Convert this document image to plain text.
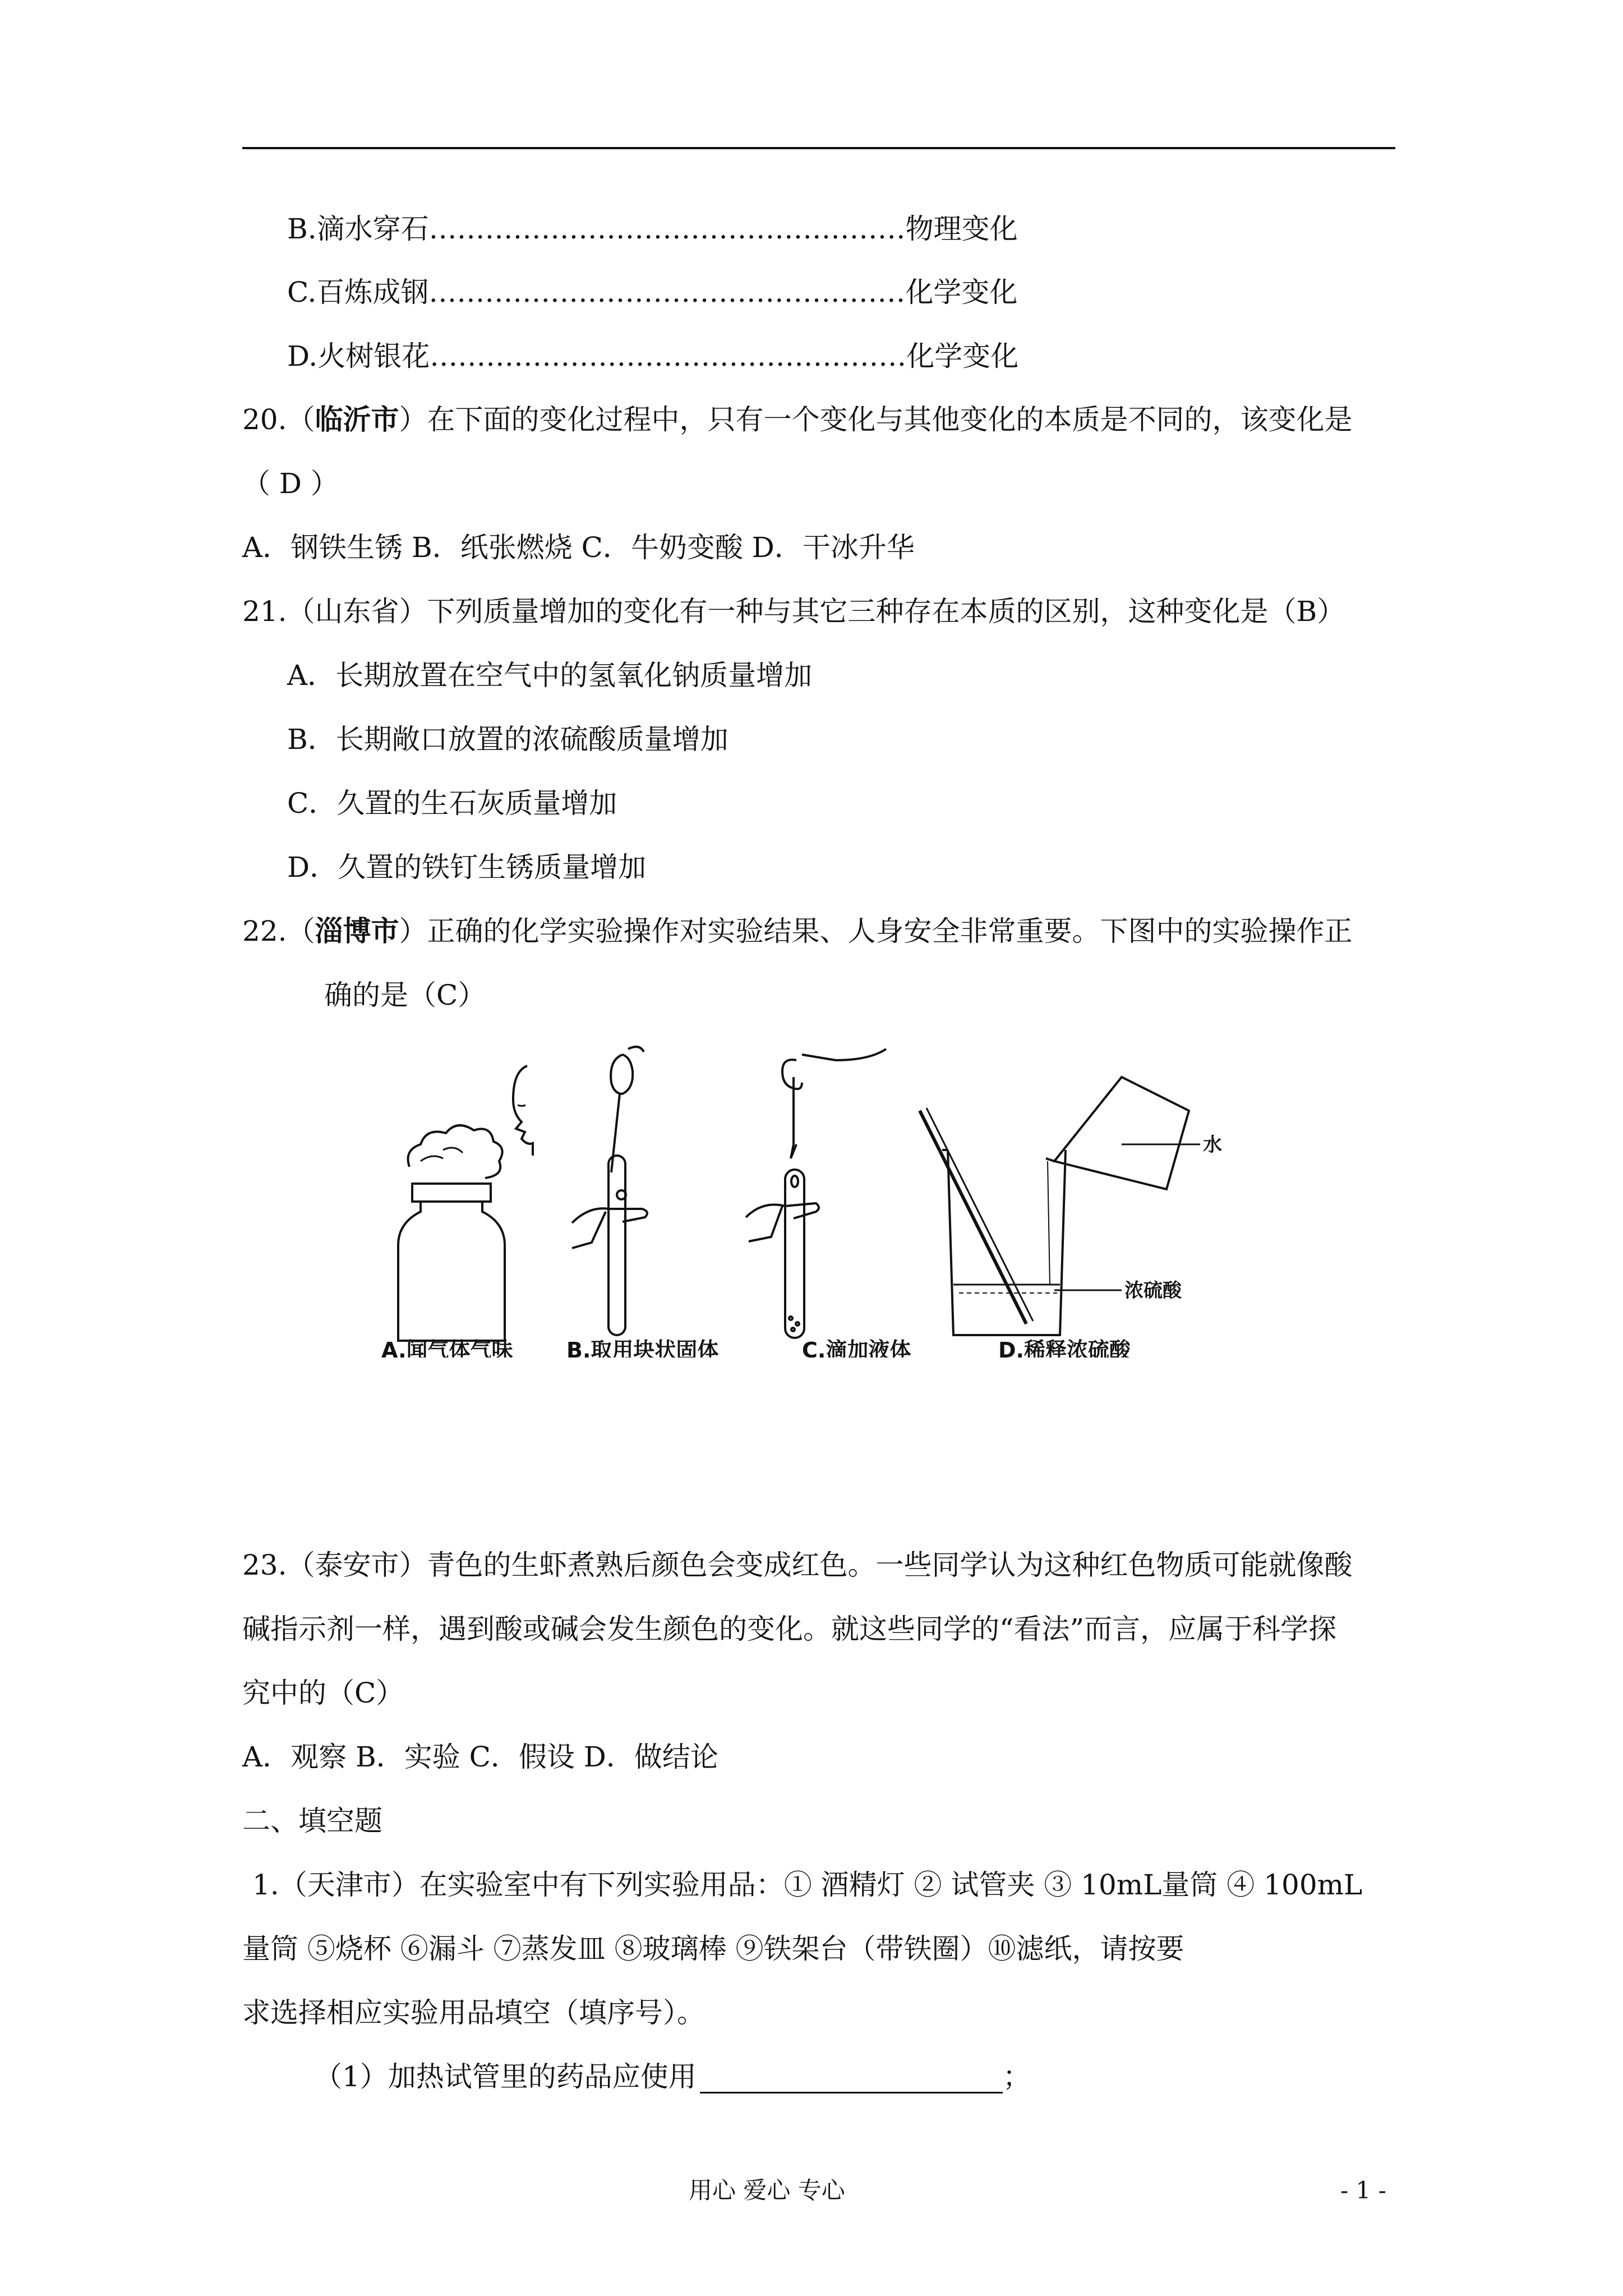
B.滴水穿石……………………………………………物理变化
C.百炼成钢……………………………………………化学变化
D.火树银花……………………………………………化学变化
20.（临沂市）在下面的变化过程中，只有一个变化与其他变化的本质是不同的，该变化是
（ D ）
A．钢铁生锈 B．纸张燃烧 C．牛奶变酸 D．干冰升华
21.（山东省）下列质量增加的变化有一种与其它三种存在本质的区别，这种变化是（B）
A．长期放置在空气中的氢氧化钠质量增加
B．长期敞口放置的浓硫酸质量增加
C．久置的生石灰质量增加
D．久置的铁钉生锈质量增加
22.（淄博市）正确的化学实验操作对实验结果、人身安全非常重要。下图中的实验操作正
确的是（C）
水
浓硫酸
A.闻气体气味	B.取用块状固体	C.滴加液体	D.稀释浓硫酸
23.（泰安市）青色的生虾煮熟后颜色会变成红色。一些同学认为这种红色物质可能就像酸
碱指示剂一样，遇到酸或碱会发生颜色的变化。就这些同学的“看法”而言，应属于科学探
究中的（C）
A．观察 B．实验 C．假设 D．做结论
二、填空题
1.（天津市）在实验室中有下列实验用品：① 酒精灯 ② 试管夹 ③ 10mL量筒 ④ 100mL
量筒 ⑤烧杯 ⑥漏斗 ⑦蒸发皿 ⑧玻璃棒 ⑨铁架台（带铁圈）⑩滤纸，请按要
求选择相应实验用品填空（填序号）。
（1）加热试管里的药品应使用	；
用心 爱心 专心	- 1 -
